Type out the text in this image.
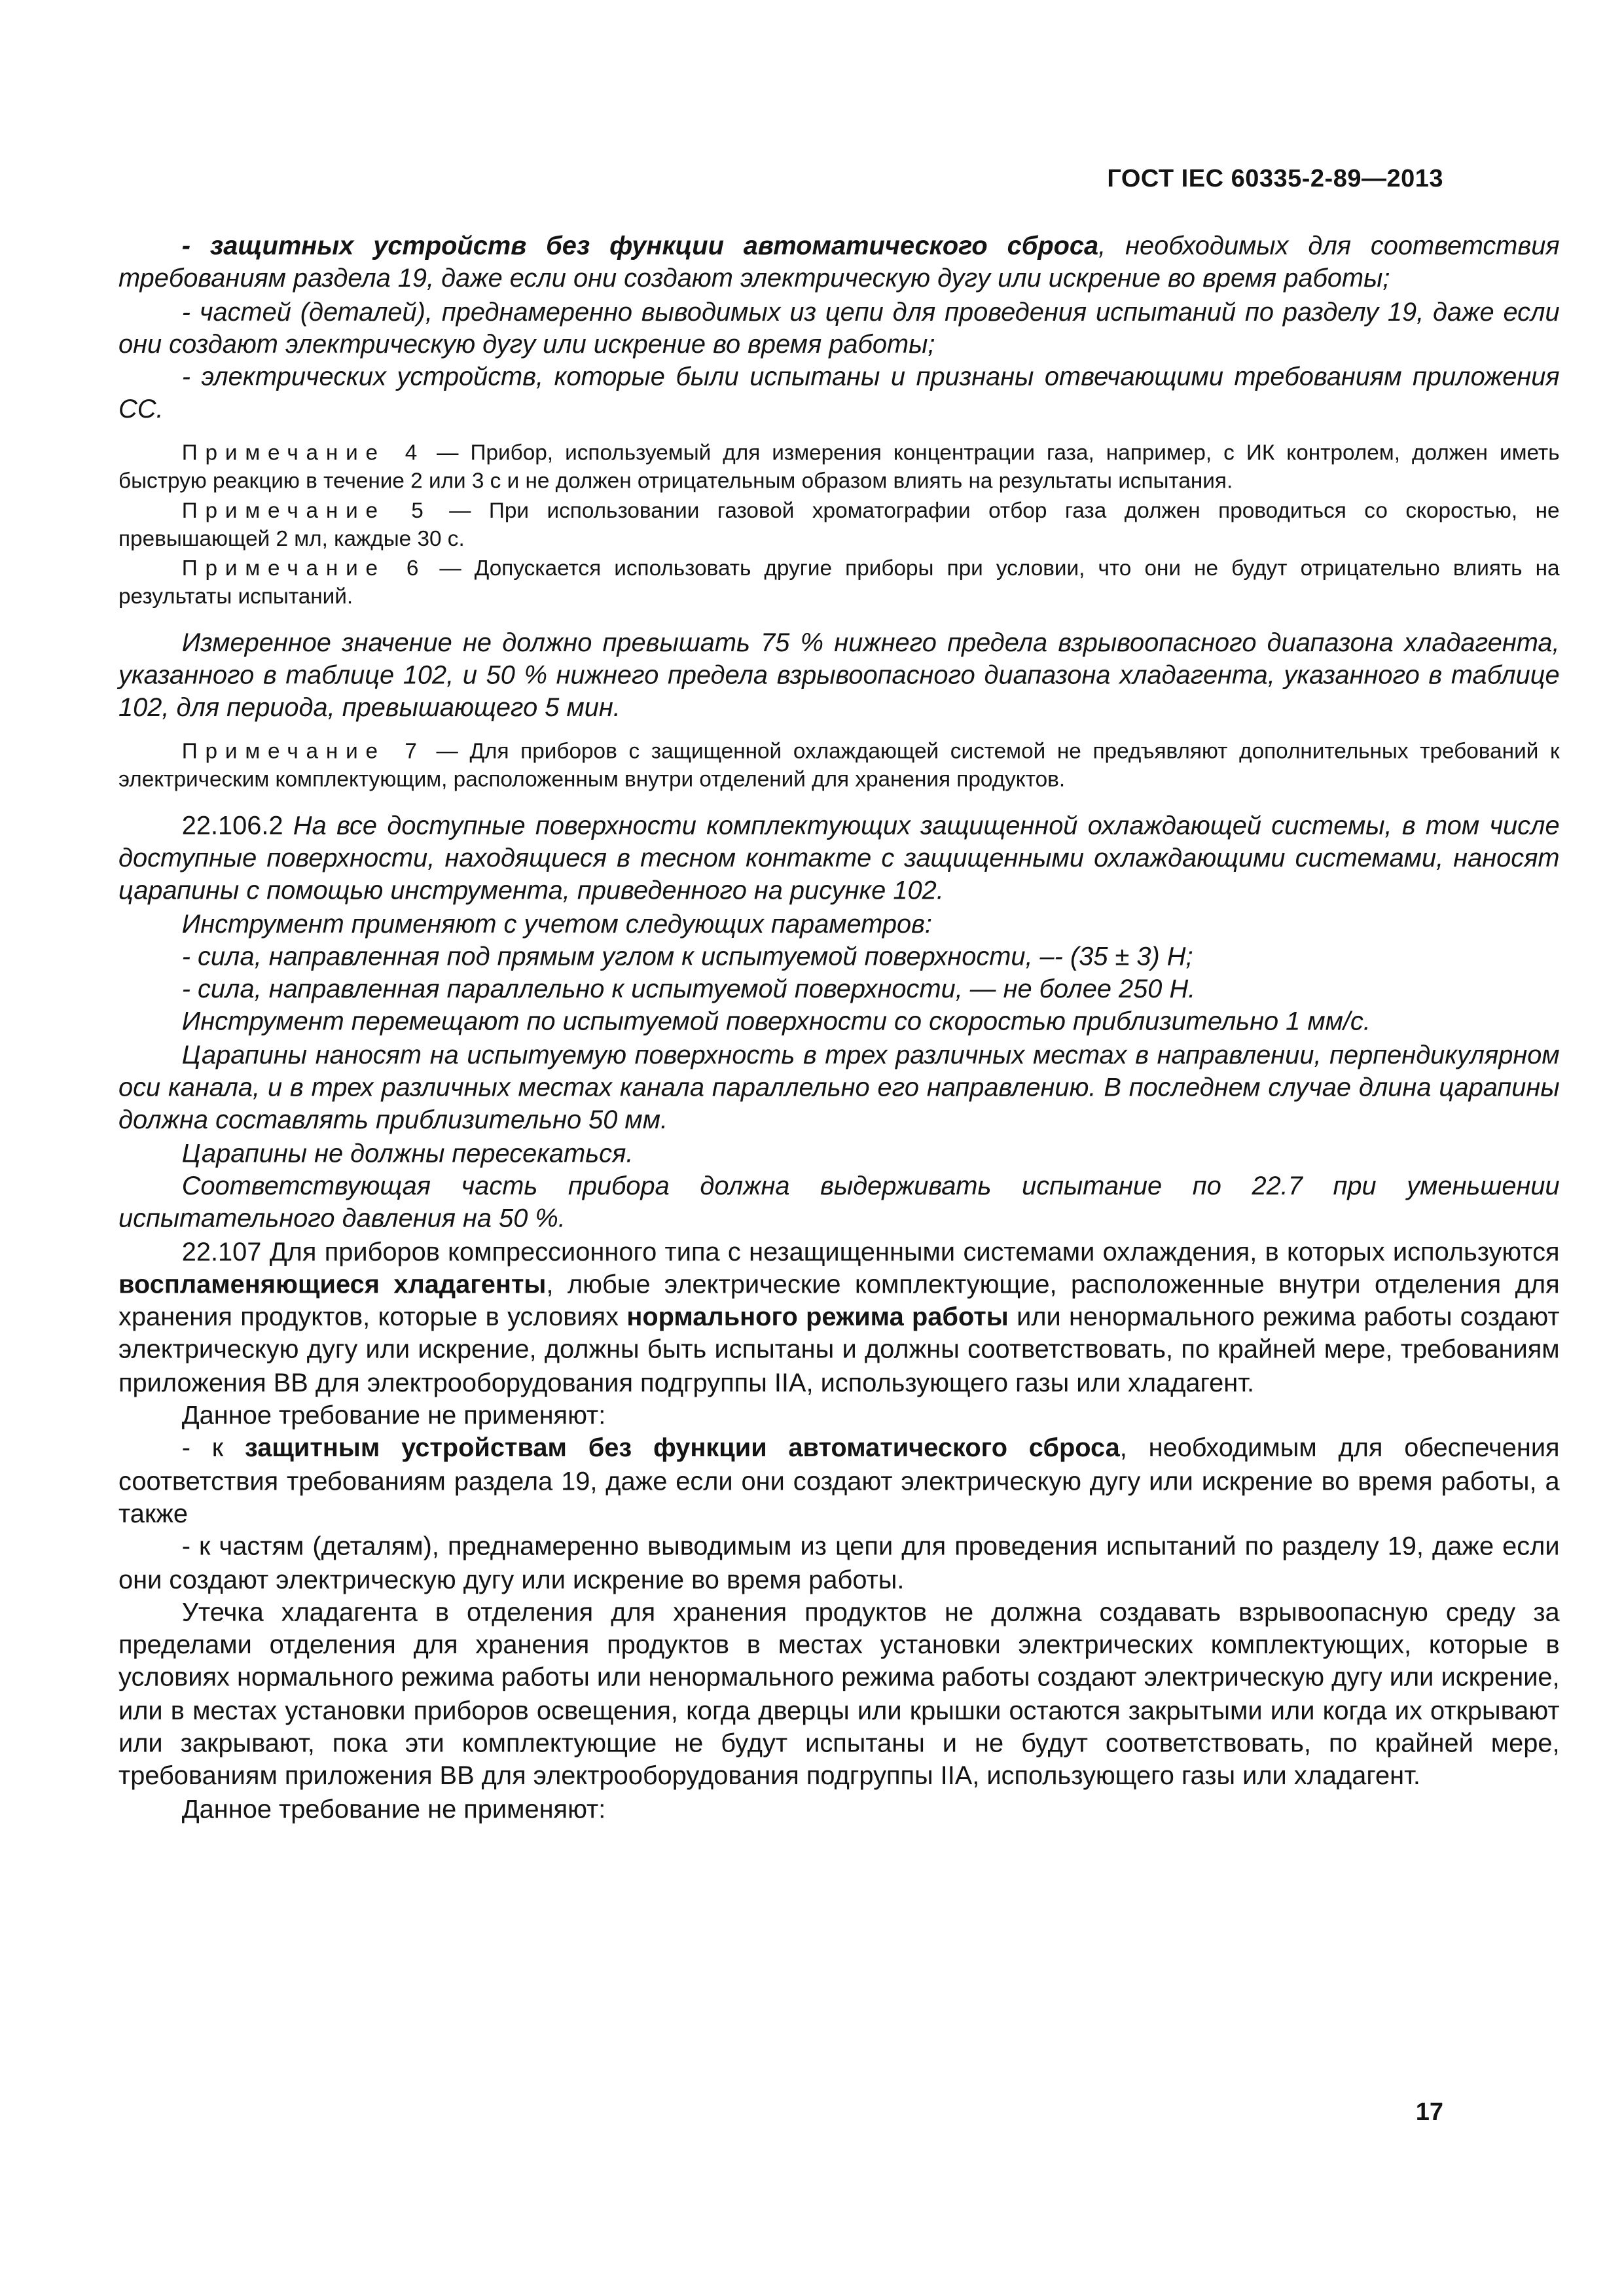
ГОСТ IEC 60335-2-89—2013

- защитных устройств без функции автоматического сброса, необходимых для соответствия требованиям раздела 19, даже если они создают электрическую дугу или искрение во время работы;

- частей (деталей), преднамеренно выводимых из цепи для проведения испытаний по разделу 19, даже если они создают электрическую дугу или искрение во время работы;

- электрических устройств, которые были испытаны и признаны отвечающими требованиям приложения СС.

Примечание 4 — Прибор, используемый для измерения концентрации газа, например, с ИК контролем, должен иметь быструю реакцию в течение 2 или 3 с и не должен отрицательным образом влиять на результаты испытания.

Примечание 5 — При использовании газовой хроматографии отбор газа должен проводиться со скоростью, не превышающей 2 мл, каждые 30 с.

Примечание 6 — Допускается использовать другие приборы при условии, что они не будут отрицательно влиять на результаты испытаний.

Измеренное значение не должно превышать 75 % нижнего предела взрывоопасного диапазона хладагента, указанного в таблице 102, и 50 % нижнего предела взрывоопасного диапазона хладагента, указанного в таблице 102, для периода, превышающего 5 мин.

Примечание 7 — Для приборов с защищенной охлаждающей системой не предъявляют дополнительных требований к электрическим комплектующим, расположенным внутри отделений для хранения продуктов.

22.106.2 На все доступные поверхности комплектующих защищенной охлаждающей системы, в том числе доступные поверхности, находящиеся в тесном контакте с защищенными охлаждающими системами, наносят царапины с помощью инструмента, приведенного на рисунке 102.

Инструмент применяют с учетом следующих параметров:

- сила, направленная под прямым углом к испытуемой поверхности, –- (35 ± 3) Н;

- сила, направленная параллельно к испытуемой поверхности, — не более 250 Н.

Инструмент перемещают по испытуемой поверхности со скоростью приблизительно 1 мм/с.

Царапины наносят на испытуемую поверхность в трех различных местах в направлении, перпендикулярном оси канала, и в трех различных местах канала параллельно его направлению. В последнем случае длина царапины должна составлять приблизительно 50 мм.

Царапины не должны пересекаться.

Соответствующая часть прибора должна выдерживать испытание по 22.7 при уменьшении испытательного давления на 50 %.

22.107 Для приборов компрессионного типа с незащищенными системами охлаждения, в которых используются воспламеняющиеся хладагенты, любые электрические комплектующие, расположенные внутри отделения для хранения продуктов, которые в условиях нормального режима работы или ненормального режима работы создают электрическую дугу или искрение, должны быть испытаны и должны соответствовать, по крайней мере, требованиям приложения ВВ для электрооборудования подгруппы IIA, использующего газы или хладагент.

Данное требование не применяют:

- к защитным устройствам без функции автоматического сброса, необходимым для обеспечения соответствия требованиям раздела 19, даже если они создают электрическую дугу или искрение во время работы, а также

- к частям (деталям), преднамеренно выводимым из цепи для проведения испытаний по разделу 19, даже если они создают электрическую дугу или искрение во время работы.

Утечка хладагента в отделения для хранения продуктов не должна создавать взрывоопасную среду за пределами отделения для хранения продуктов в местах установки электрических комплектующих, которые в условиях нормального режима работы или ненормального режима работы создают электрическую дугу или искрение, или в местах установки приборов освещения, когда дверцы или крышки остаются закрытыми или когда их открывают или закрывают, пока эти комплектующие не будут испытаны и не будут соответствовать, по крайней мере, требованиям приложения ВВ для электрооборудования подгруппы IIA, использующего газы или хладагент.

Данное требование не применяют:

17
